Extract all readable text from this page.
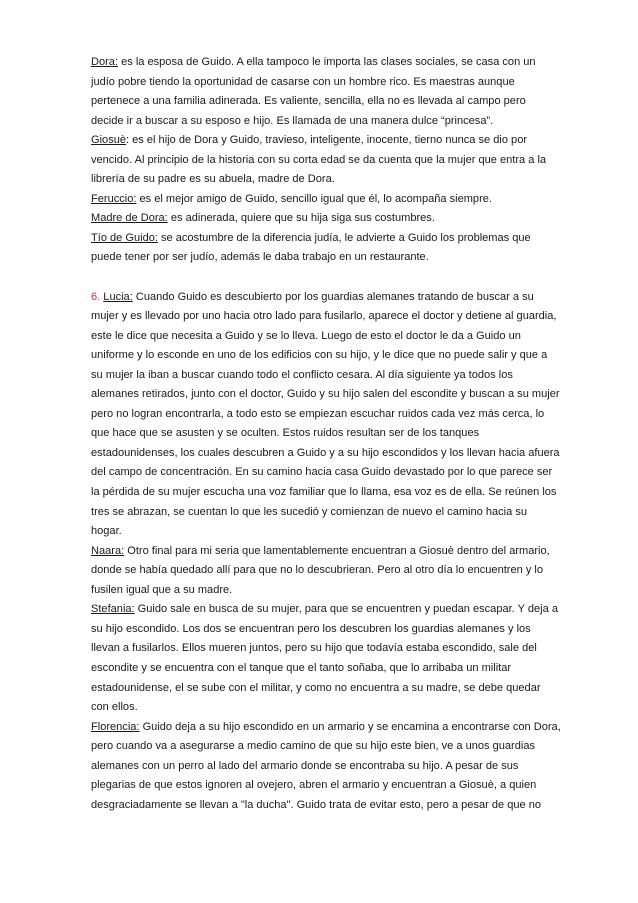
Dora: es la esposa de Guido. A ella tampoco le importa las clases sociales, se casa con un
judío pobre tiendo la oportunidad de casarse con un hombre rico. Es maestras aunque
pertenece a una familia adinerada. Es valiente, sencilla, ella no es llevada al campo pero
decide ir a buscar a su esposo e hijo. Es llamada de una manera dulce “princesa”.
Giosuè: es el hijo de Dora y Guido, travieso, inteligente, inocente, tierno nunca se dio por
vencido. Al principio de la historia con su corta edad se da cuenta que la mujer que entra a la
librería de su padre es su abuela, madre de Dora.
Feruccio: es el mejor amigo de Guido, sencillo igual que él, lo acompaña siempre.
Madre de Dora: es adinerada, quiere que su hija siga sus costumbres.
Tío de Guido: se acostumbre de la diferencia judía, le advierte a Guido los problemas que
puede tener por ser judío, además le daba trabajo en un restaurante.
6. Lucia: Cuando Guido es descubierto por los guardias alemanes tratando de buscar a su
mujer y es llevado por uno hacia otro lado para fusilarlo, aparece el doctor y detiene al guardia,
este le dice que necesita a Guido y se lo lleva. Luego de esto el doctor le da a Guido un
uniforme y lo esconde en uno de los edificios con su hijo, y le dice que no puede salir y que a
su mujer la iban a buscar cuando todo el conflicto cesara. Al día siguiente ya todos los
alemanes retirados, junto con el doctor, Guido y su hijo salen del escondite y buscan a su mujer
pero no logran encontrarla, a todo esto se empiezan escuchar ruidos cada vez más cerca, lo
que hace que se asusten y se oculten. Estos ruidos resultan ser de los tanques
estadounidenses, los cuales descubren a Guido y a su hijo escondidos y los llevan hacia afuera
del campo de concentración. En su camino hacia casa Guido devastado por lo que parece ser
la pérdida de su mujer escucha una voz familiar que lo llama, esa voz es de ella. Se reúnen los
tres se abrazan, se cuentan lo que les sucedió y comienzan de nuevo el camino hacia su
hogar.
Naara: Otro final para mi seria que lamentablemente encuentran a Giosuè dentro del armario,
donde se había quedado allí para que no lo descubrieran. Pero al otro día lo encuentren y lo
fusilen igual que a su madre.
Stefania: Guido sale en busca de su mujer, para que se encuentren y puedan escapar. Y deja a
su hijo escondido. Los dos se encuentran pero los descubren los guardias alemanes y los
llevan a fusilarlos. Ellos mueren juntos, pero su hijo que todavía estaba escondido, sale del
escondite y se encuentra con el tanque que el tanto soñaba, que lo arribaba un militar
estadounidense, el se sube con el militar, y como no encuentra a su madre, se debe quedar
con ellos.
Florencia: Guido deja a su hijo escondido en un armario y se encamina a encontrarse con Dora,
pero cuando va a asegurarse a medio camino de que su hijo este bien, ve a unos guardias
alemanes con un perro al lado del armario donde se encontraba su hijo. A pesar de sus
plegarias de que estos ignoren al ovejero, abren el armario y encuentran a Giosuè, a quien
desgraciadamente se llevan a "la ducha". Guido trata de evitar esto, pero a pesar de que no
